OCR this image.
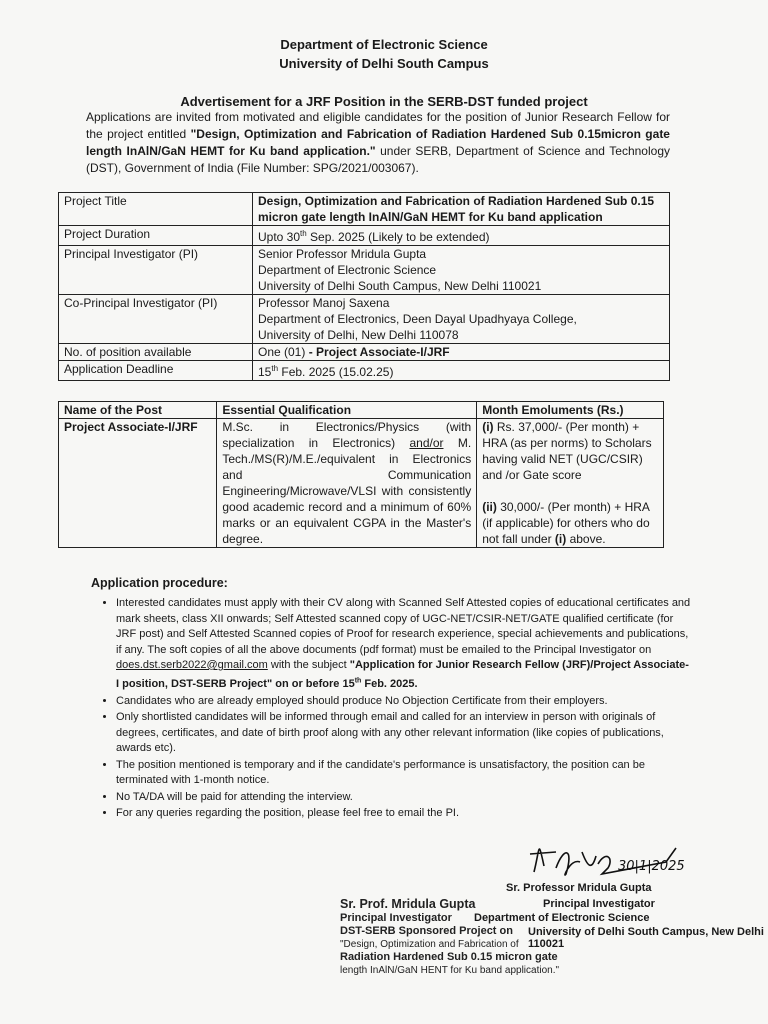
Department of Electronic Science
University of Delhi South Campus
Advertisement for a JRF Position in the SERB-DST funded project
Applications are invited from motivated and eligible candidates for the position of Junior Research Fellow for the project entitled "Design, Optimization and Fabrication of Radiation Hardened Sub 0.15micron gate length InAlN/GaN HEMT for Ku band application." under SERB, Department of Science and Technology (DST), Government of India (File Number: SPG/2021/003067).
Project Title	Design, Optimization and Fabrication of Radiation Hardened Sub 0.15 micron gate length InAlN/GaN HEMT for Ku band application
Project Duration	Upto 30th Sep. 2025 (Likely to be extended)
Principal Investigator (PI)	Senior Professor Mridula Gupta
Department of Electronic Science
University of Delhi South Campus, New Delhi 110021

Co-Principal Investigator (PI)	Professor Manoj Saxena
Department of Electronics, Deen Dayal Upadhyaya College,
University of Delhi, New Delhi 110078

No. of position available	One (01) - Project Associate-I/JRF
Application Deadline	15th Feb. 2025 (15.02.25)
Name of the Post	Essential Qualification	Month Emoluments (Rs.)
Project Associate-I/JRF	M.Sc. in Electronics/Physics (with specialization in Electronics) and/or M. Tech./MS(R)/M.E./equivalent in Electronics and Communication Engineering/Microwave/VLSI with consistently good academic record and a minimum of 60% marks or an equivalent CGPA in the Master's degree.	(i) Rs. 37,000/- (Per month) + HRA (as per norms) to Scholars having valid NET (UGC/CSIR) and /or Gate score
(ii) 30,000/- (Per month) + HRA (if applicable) for others who do not fall under (i) above.
Application procedure:
• Interested candidates must apply with their CV along with Scanned Self Attested copies of educational certificates and mark sheets, class XII onwards; Self Attested scanned copy of UGC-NET/CSIR-NET/GATE qualified certificate (for JRF post) and Self Attested Scanned copies of Proof for research experience, special achievements and publications, if any. The soft copies of all the above documents (pdf format) must be emailed to the Principal Investigator on does.dst.serb2022@gmail.com with the subject "Application for Junior Research Fellow (JRF)/Project Associate-I position, DST-SERB Project" on or before 15th Feb. 2025.
• Candidates who are already employed should produce No Objection Certificate from their employers.
• Only shortlisted candidates will be informed through email and called for an interview in person with originals of degrees, certificates, and date of birth proof along with any other relevant information (like copies of publications, awards etc).
• The position mentioned is temporary and if the candidate's performance is unsatisfactory, the position can be terminated with 1-month notice.
• No TA/DA will be paid for attending the interview.
• For any queries regarding the position, please feel free to email the PI.
30|1|2025
Sr. Professor Mridula Gupta
Principal Investigator
Department of Electronic Science
University of Delhi South Campus, New Delhi 110021
Sr. Prof. Mridula Gupta
Principal Investigator
DST-SERB Sponsored Project on
"Design, Optimization and Fabrication of
Radiation Hardened Sub 0.15 micron gate
length InAlN/GaN HENT for Ku band application."
